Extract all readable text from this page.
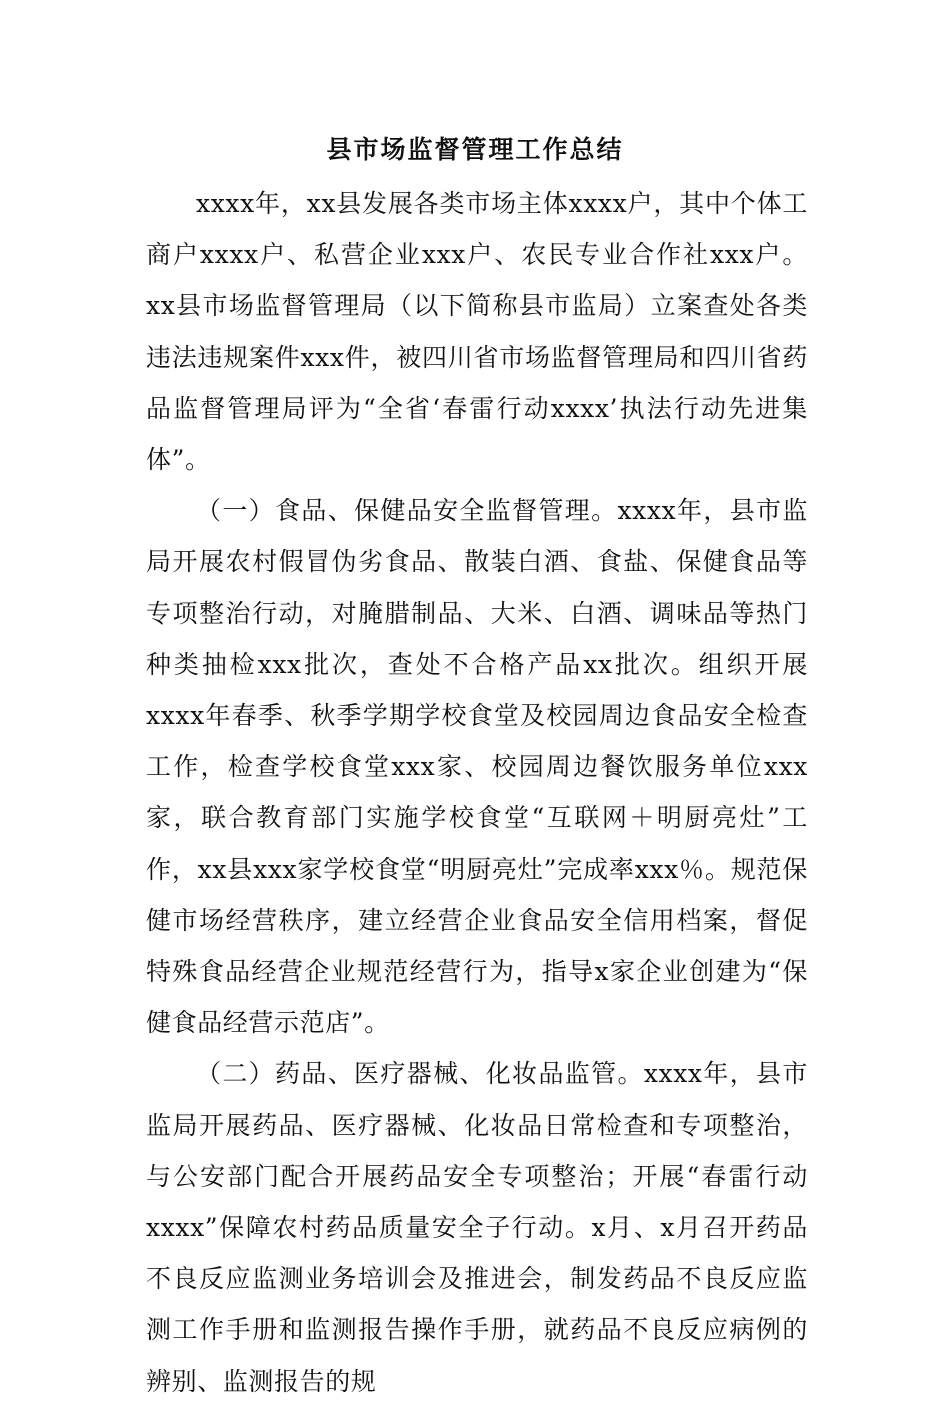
县市场监督管理工作总结

xxxx年，xx县发展各类市场主体xxxx户，其中个体工商户xxxx户、私营企业xxx户、农民专业合作社xxx户。xx县市场监督管理局（以下简称县市监局）立案查处各类违法违规案件xxx件，被四川省市场监督管理局和四川省药品监督管理局评为“全省‘春雷行动xxxx’执法行动先进集体”。

（一）食品、保健品安全监督管理。xxxx年，县市监局开展农村假冒伪劣食品、散装白酒、食盐、保健食品等专项整治行动，对腌腊制品、大米、白酒、调味品等热门种类抽检xxx批次，查处不合格产品xx批次。组织开展xxxx年春季、秋季学期学校食堂及校园周边食品安全检查工作，检查学校食堂xxx家、校园周边餐饮服务单位xxx家，联合教育部门实施学校食堂“互联网＋明厨亮灶”工作，xx县xxx家学校食堂“明厨亮灶”完成率xxx％。规范保健市场经营秩序，建立经营企业食品安全信用档案，督促特殊食品经营企业规范经营行为，指导x家企业创建为“保健食品经营示范店”。

（二）药品、医疗器械、化妆品监管。xxxx年，县市监局开展药品、医疗器械、化妆品日常检查和专项整治，与公安部门配合开展药品安全专项整治；开展“春雷行动xxxx”保障农村药品质量安全子行动。x月、x月召开药品不良反应监测业务培训会及推进会，制发药品不良反应监测工作手册和监测报告操作手册，就药品不良反应病例的辨别、监测报告的规
